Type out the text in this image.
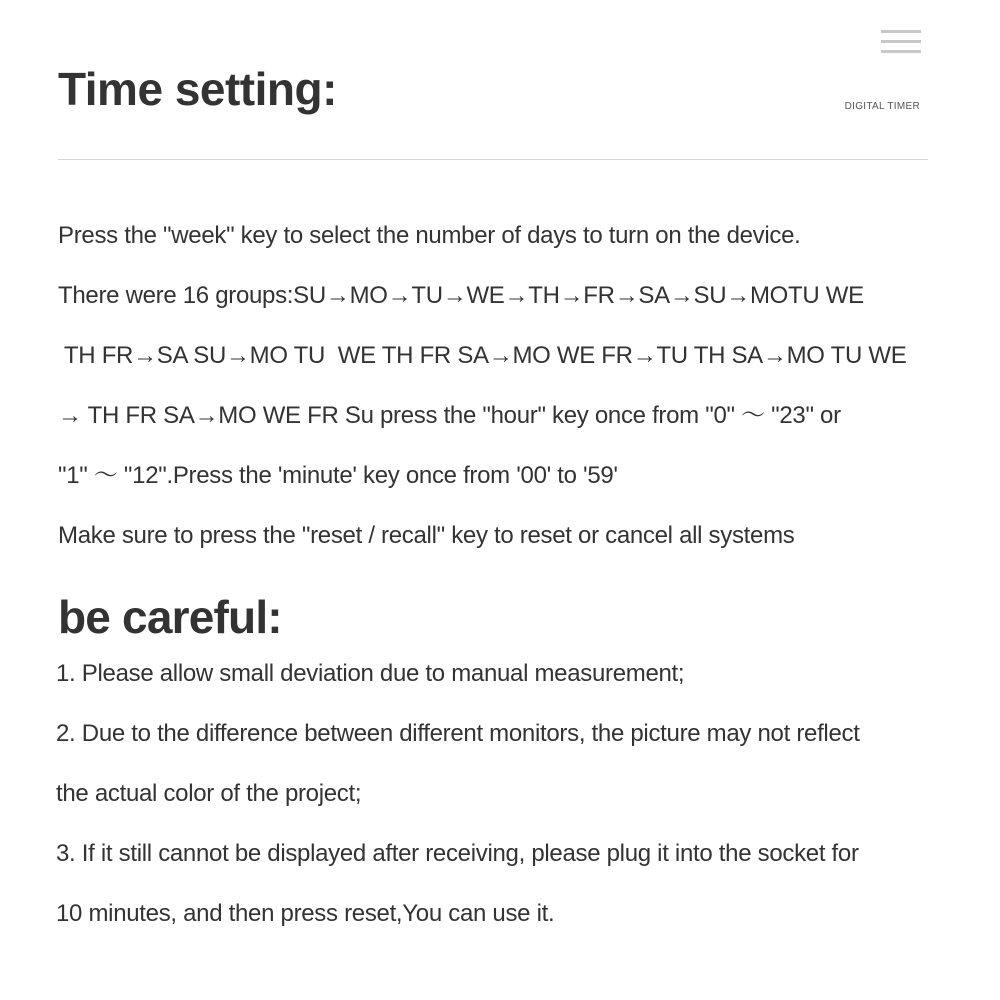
DIGITAL TIMER
Time setting:

Press the "week" key to select the number of days to turn on the device.

There were 16 groups:SU→MO→TU→WE→TH→FR→SA→SU→MOTU WE

TH FR→SA SU→MO TU  WE TH FR SA→MO WE FR→TU TH SA→MO TU WE

→ TH FR SA→MO WE FR Su press the "hour" key once from "0" ～ "23" or

"1" ～ "12".Press the 'minute' key once from '00' to '59'

Make sure to press the "reset / recall" key to reset or cancel all systems

be careful:

1. Please allow small deviation due to manual measurement;

2. Due to the difference between different monitors, the picture may not reflect

the actual color of the project;

3. If it still cannot be displayed after receiving, please plug it into the socket for

10 minutes, and then press reset,You can use it.
